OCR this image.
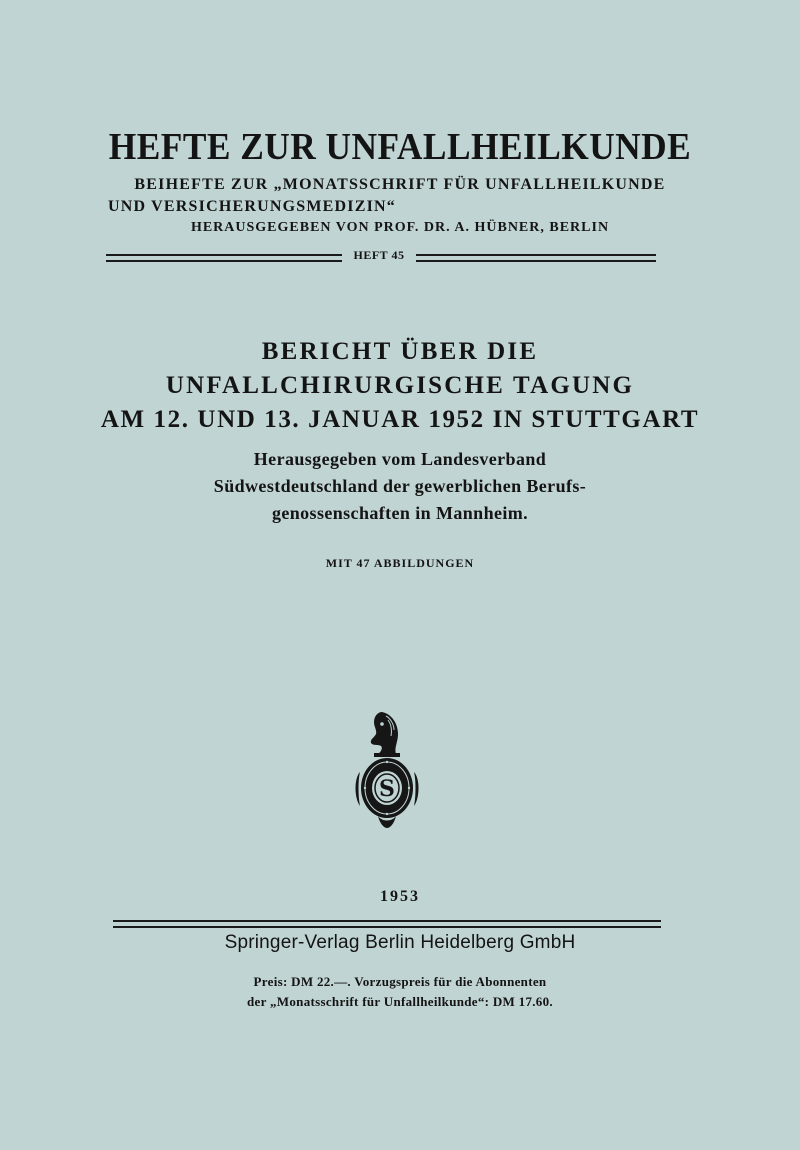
HEFTE ZUR UNFALLHEILKUNDE
BEIHEFTE ZUR „MONATSSCHRIFT FÜR UNFALLHEILKUNDE
UND VERSICHERUNGSMEDIZIN“
HERAUSGEGEBEN VON PROF. DR. A. HÜBNER, BERLIN
HEFT 45
BERICHT ÜBER DIE
UNFALLCHIRURGISCHE TAGUNG
AM 12. UND 13. JANUAR 1952 IN STUTTGART
Herausgegeben vom Landesverband
Südwestdeutschland der gewerblichen Berufs-
genossenschaften in Mannheim.
MIT 47 ABBILDUNGEN
S
1953
Springer-Verlag Berlin Heidelberg GmbH
Preis: DM 22.—. Vorzugspreis für die Abonnenten
der „Monatsschrift für Unfallheilkunde“: DM 17.60.
